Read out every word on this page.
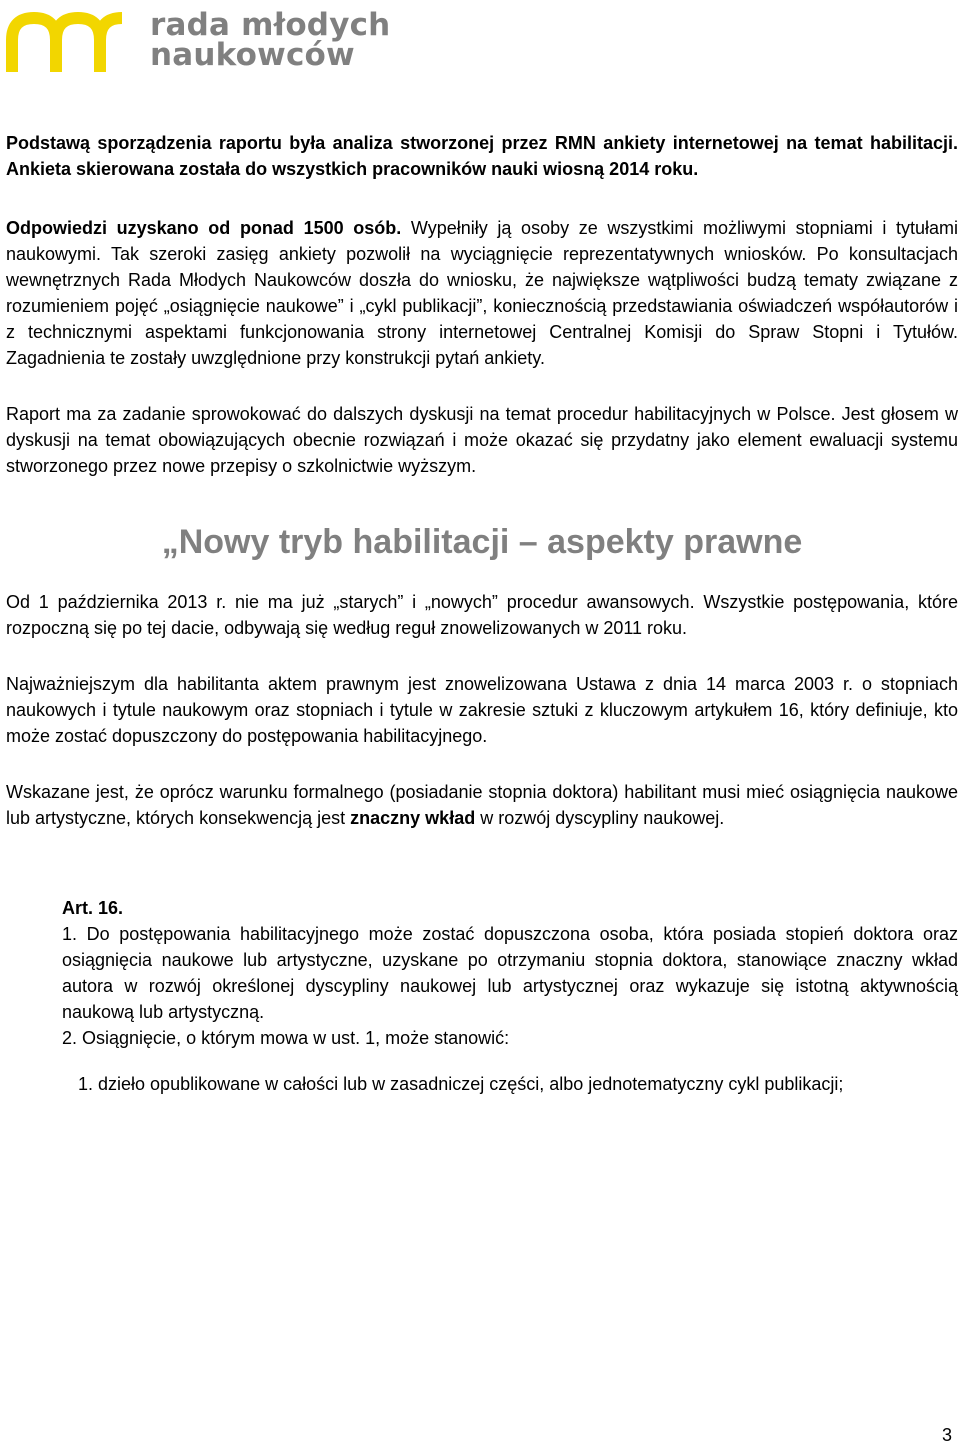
rada młodych
naukowców

Podstawą sporządzenia raportu była analiza stworzonej przez RMN ankiety internetowej na temat habilitacji. Ankieta skierowana została do wszystkich pracowników nauki wiosną 2014 roku.

Odpowiedzi uzyskano od ponad 1500 osób. Wypełniły ją osoby ze wszystkimi możliwymi stopniami i tytułami naukowymi. Tak szeroki zasięg ankiety pozwolił na wyciągnięcie reprezentatywnych wniosków. Po konsultacjach wewnętrznych Rada Młodych Naukowców doszła do wniosku, że największe wątpliwości budzą tematy związane z rozumieniem pojęć „osiągnięcie naukowe” i „cykl publikacji”, koniecznością przedstawiania oświadczeń współautorów i z technicznymi aspektami funkcjonowania strony internetowej Centralnej Komisji do Spraw Stopni i Tytułów. Zagadnienia te zostały uwzględnione przy konstrukcji pytań ankiety.

Raport ma za zadanie sprowokować do dalszych dyskusji na temat procedur habilitacyjnych w Polsce. Jest głosem w dyskusji na temat obowiązujących obecnie rozwiązań i może okazać się przydatny jako element ewaluacji systemu stworzonego przez nowe przepisy o szkolnictwie wyższym.

„Nowy tryb habilitacji – aspekty prawne

Od 1 października 2013 r. nie ma już „starych” i „nowych” procedur awansowych. Wszystkie postępowania, które rozpoczną się po tej dacie, odbywają się według reguł znowelizowanych w 2011 roku.

Najważniejszym dla habilitanta aktem prawnym jest znowelizowana Ustawa z dnia 14 marca 2003 r. o stopniach naukowych i tytule naukowym oraz stopniach i tytule w zakresie sztuki z kluczowym artykułem 16, który definiuje, kto może zostać dopuszczony do postępowania habilitacyjnego.

Wskazane jest, że oprócz warunku formalnego (posiadanie stopnia doktora) habilitant musi mieć osiągnięcia naukowe lub artystyczne, których konsekwencją jest znaczny wkład w rozwój dyscypliny naukowej.

Art. 16.

1. Do postępowania habilitacyjnego może zostać dopuszczona osoba, która posiada stopień doktora oraz osiągnięcia naukowe lub artystyczne, uzyskane po otrzymaniu stopnia doktora, stanowiące znaczny wkład autora w rozwój określonej dyscypliny naukowej lub artystycznej oraz wykazuje się istotną aktywnością naukową lub artystyczną.

2. Osiągnięcie, o którym mowa w ust. 1, może stanowić:

1. dzieło opublikowane w całości lub w zasadniczej części, albo jednotematyczny cykl publikacji;

3
